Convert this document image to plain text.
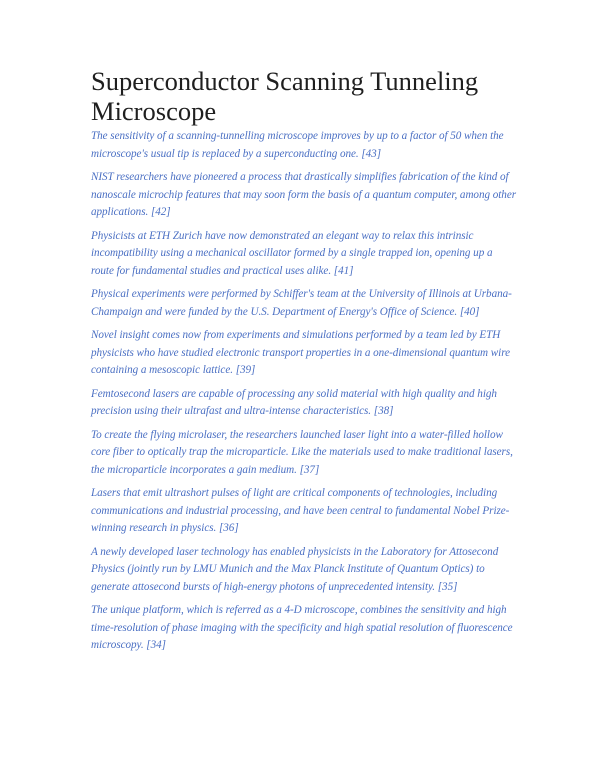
Superconductor Scanning Tunneling Microscope

The sensitivity of a scanning-tunnelling microscope improves by up to a factor of 50 when the microscope's usual tip is replaced by a superconducting one. [43]

NIST researchers have pioneered a process that drastically simplifies fabrication of the kind of nanoscale microchip features that may soon form the basis of a quantum computer, among other applications. [42]

Physicists at ETH Zurich have now demonstrated an elegant way to relax this intrinsic incompatibility using a mechanical oscillator formed by a single trapped ion, opening up a route for fundamental studies and practical uses alike. [41]

Physical experiments were performed by Schiffer's team at the University of Illinois at Urbana-Champaign and were funded by the U.S. Department of Energy's Office of Science. [40]

Novel insight comes now from experiments and simulations performed by a team led by ETH physicists who have studied electronic transport properties in a one-dimensional quantum wire containing a mesoscopic lattice. [39]

Femtosecond lasers are capable of processing any solid material with high quality and high precision using their ultrafast and ultra-intense characteristics. [38]

To create the flying microlaser, the researchers launched laser light into a water-filled hollow core fiber to optically trap the microparticle. Like the materials used to make traditional lasers, the microparticle incorporates a gain medium. [37]

Lasers that emit ultrashort pulses of light are critical components of technologies, including communications and industrial processing, and have been central to fundamental Nobel Prize-winning research in physics. [36]

A newly developed laser technology has enabled physicists in the Laboratory for Attosecond Physics (jointly run by LMU Munich and the Max Planck Institute of Quantum Optics) to generate attosecond bursts of high-energy photons of unprecedented intensity. [35]

The unique platform, which is referred as a 4-D microscope, combines the sensitivity and high time-resolution of phase imaging with the specificity and high spatial resolution of fluorescence microscopy. [34]
